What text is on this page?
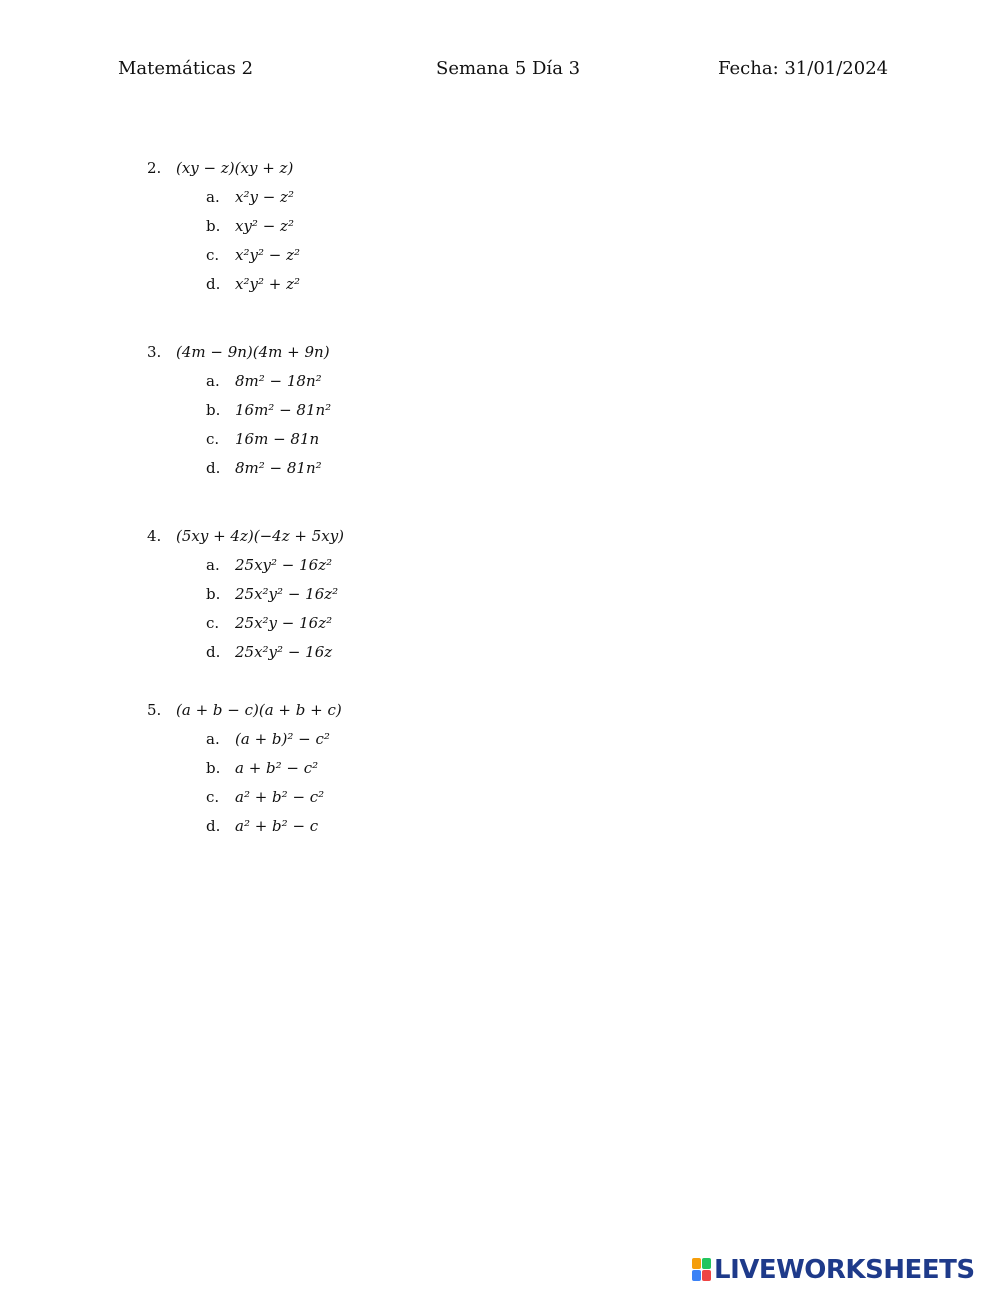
Matemáticas 2	Semana 5 Día 3	Fecha: 31/01/2024
2. (xy − z)(xy + z)
a. x²y − z²
b. xy² − z²
c. x²y² − z²
d. x²y² + z²
3. (4m − 9n)(4m + 9n)
a. 8m² − 18n²
b. 16m² − 81n²
c. 16m − 81n
d. 8m² − 81n²
4. (5xy + 4z)(−4z + 5xy)
a. 25xy² − 16z²
b. 25x²y² − 16z²
c. 25x²y − 16z²
d. 25x²y² − 16z
5. (a + b − c)(a + b + c)
a. (a + b)² − c²
b. a + b² − c²
c. a² + b² − c²
d. a² + b² − c
LIVEWORKSHEETS
